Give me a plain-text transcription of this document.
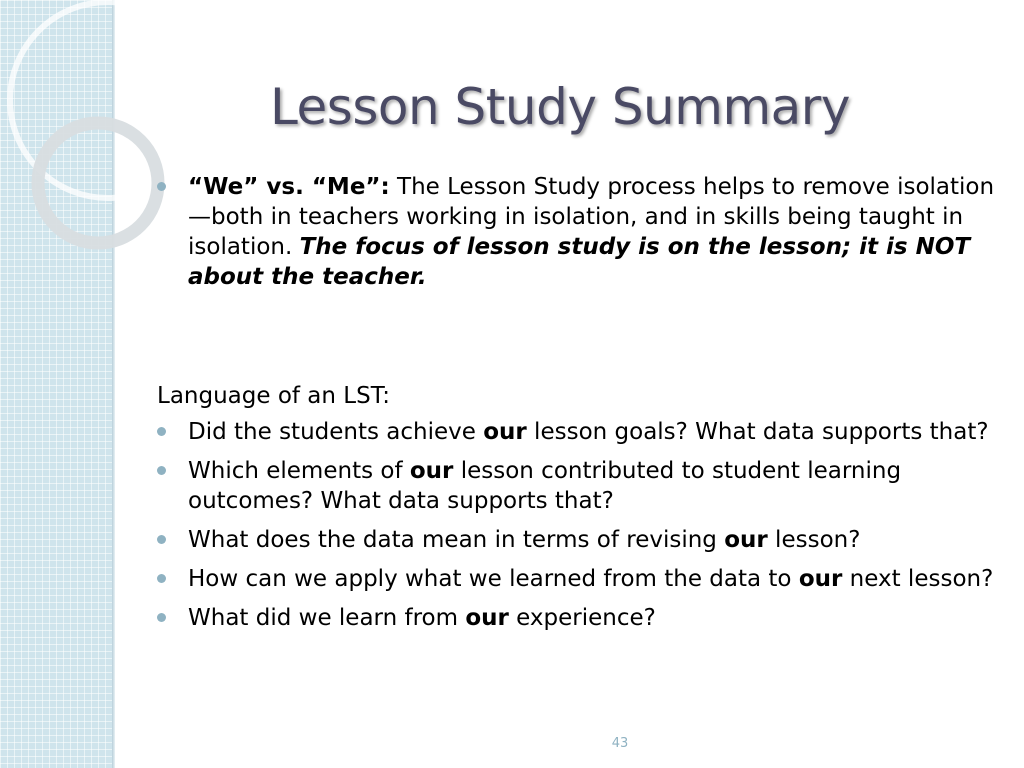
Lesson Study Summary

“We” vs. “Me”: The Lesson Study process helps to remove isolation—both in teachers working in isolation, and in skills being taught in isolation. The focus of lesson study is on the lesson; it is NOT about the teacher.

Language of an LST:

Did the students achieve our lesson goals? What data supports that?

Which elements of our lesson contributed to student learning outcomes? What data supports that?

What does the data mean in terms of revising our lesson?

How can we apply what we learned from the data to our next lesson?

What did we learn from our experience?

43
